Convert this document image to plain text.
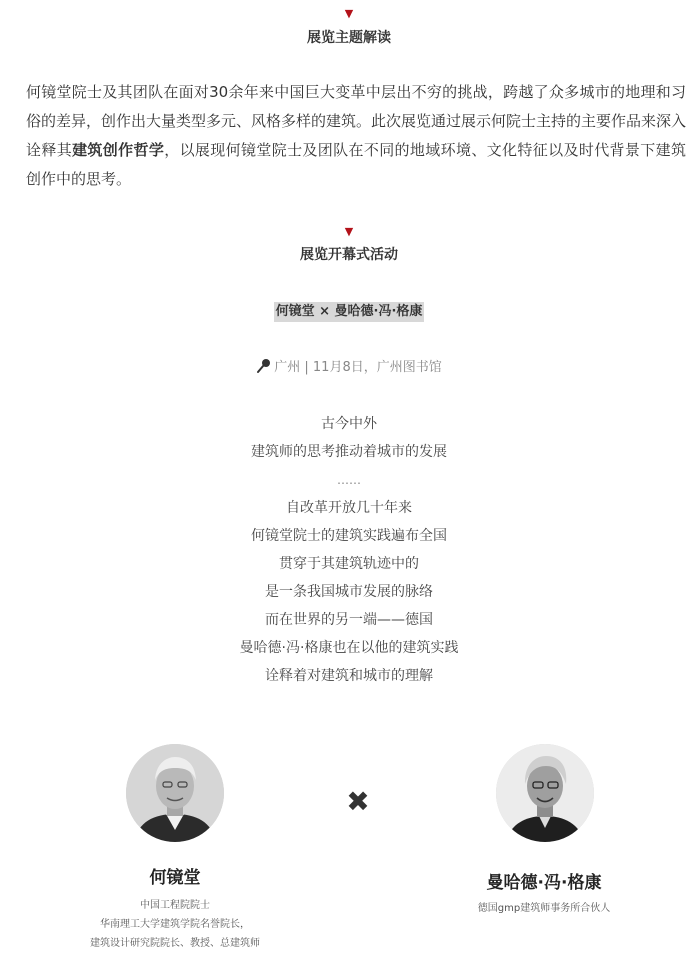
▼
展览主题解读

何镜堂院士及其团队在面对30余年来中国巨大变革中层出不穷的挑战，跨越了众多城市的地理和习俗的差异，创作出大量类型多元、风格多样的建筑。此次展览通过展示何院士主持的主要作品来深入诠释其建筑创作哲学，以展现何镜堂院士及团队在不同的地域环境、文化特征以及时代背景下建筑创作中的思考。

▼
展览开幕式活动
何镜堂 × 曼哈德·冯·格康
广州 | 11月8日，广州图书馆
古今中外
建筑师的思考推动着城市的发展
……
自改革开放几十年来
何镜堂院士的建筑实践遍布全国
贯穿于其建筑轨迹中的
是一条我国城市发展的脉络
而在世界的另一端——德国
曼哈德·冯·格康也在以他的建筑实践
诠释着对建筑和城市的理解
✖
何镜堂
中国工程院院士
华南理工大学建筑学院名誉院长，
建筑设计研究院院长、教授、总建筑师
曼哈德·冯·格康
德国gmp建筑师事务所合伙人
